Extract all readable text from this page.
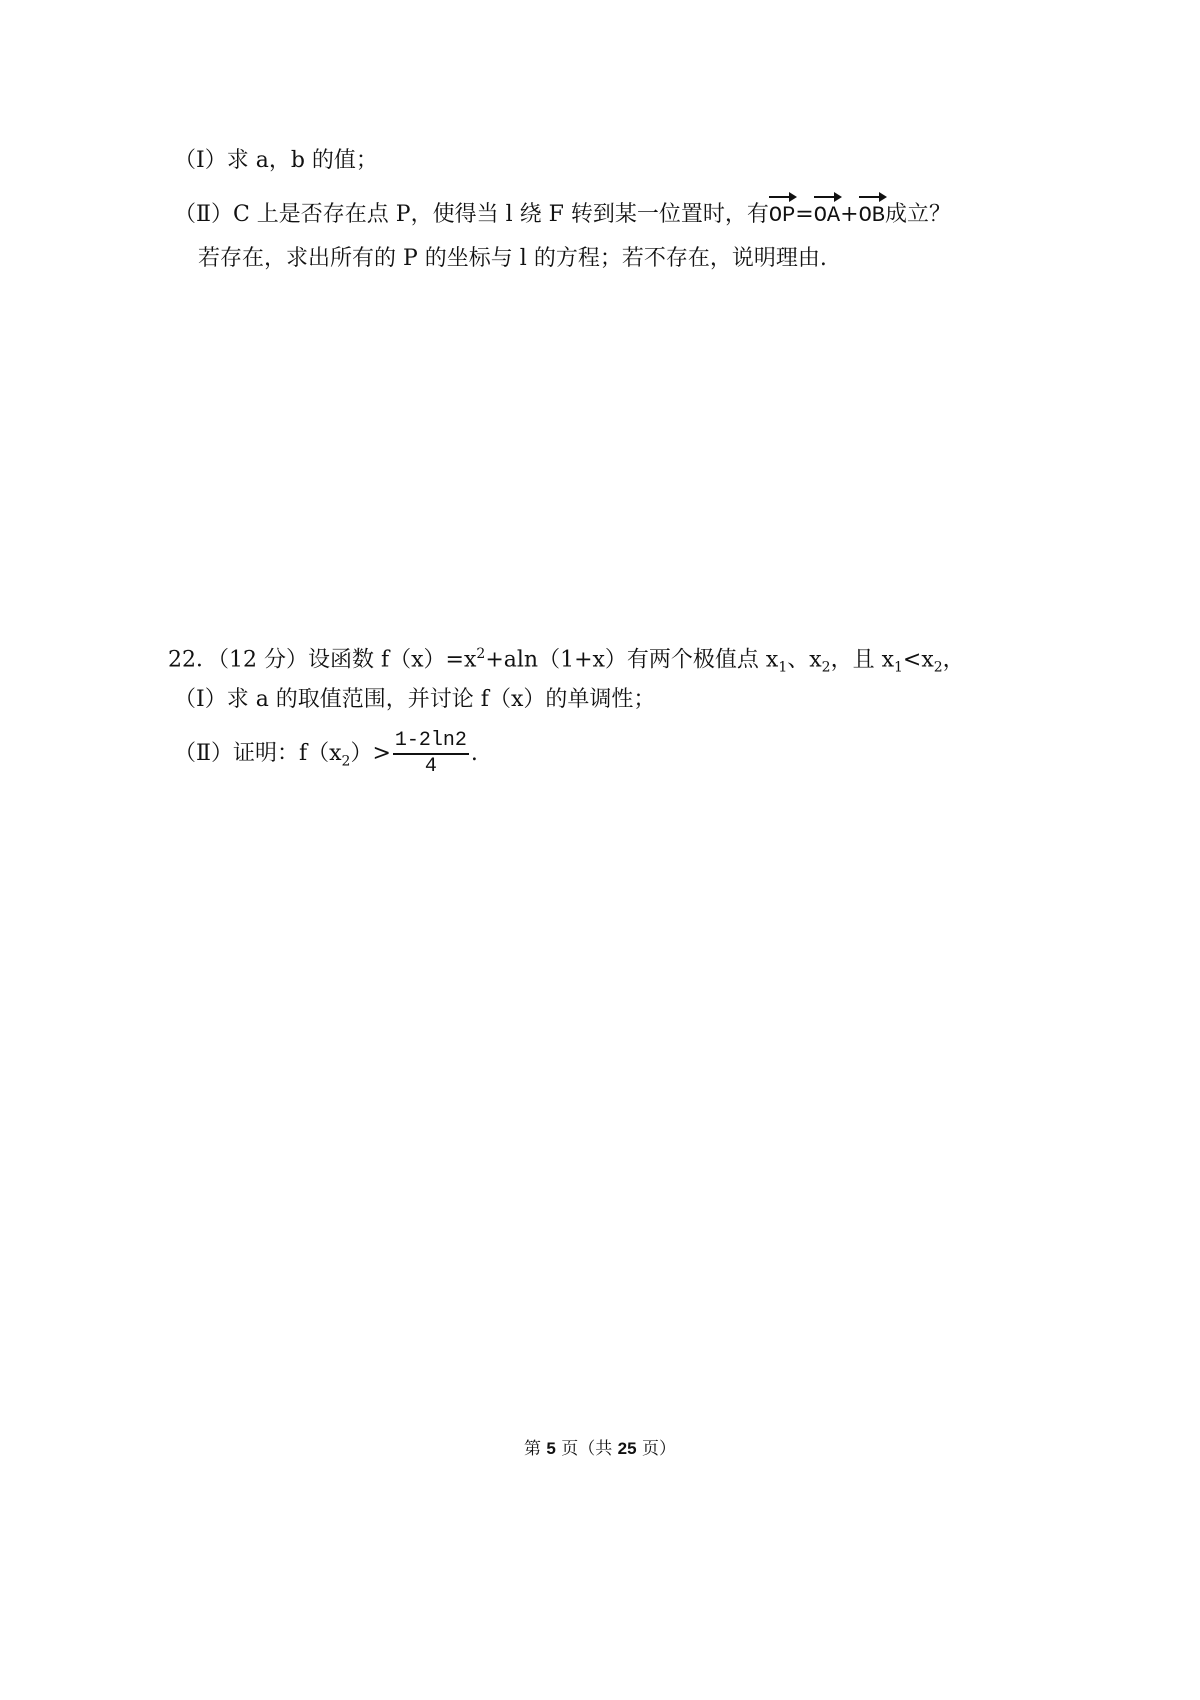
（Ⅰ）求 a，b 的值；
（Ⅱ）C 上是否存在点 P，使得当 l 绕 F 转到某一位置时，有
OP=
OA+
OB成立？
若存在，求出所有的 P 的坐标与 l 的方程；若不存在，说明理由.
22．（12 分）设函数 $f(x)=x^2+aln(1+x)$有两个极值点 $x_1$、$x_2$，且 $x_1<x_2$，
（Ⅰ）求 a 的取值范围，并讨论 f（x）的单调性；
（Ⅱ）证明：$f(x_2)> \frac{1-2\ln 2}{4}$ .
第 5 页（共 25 页）
